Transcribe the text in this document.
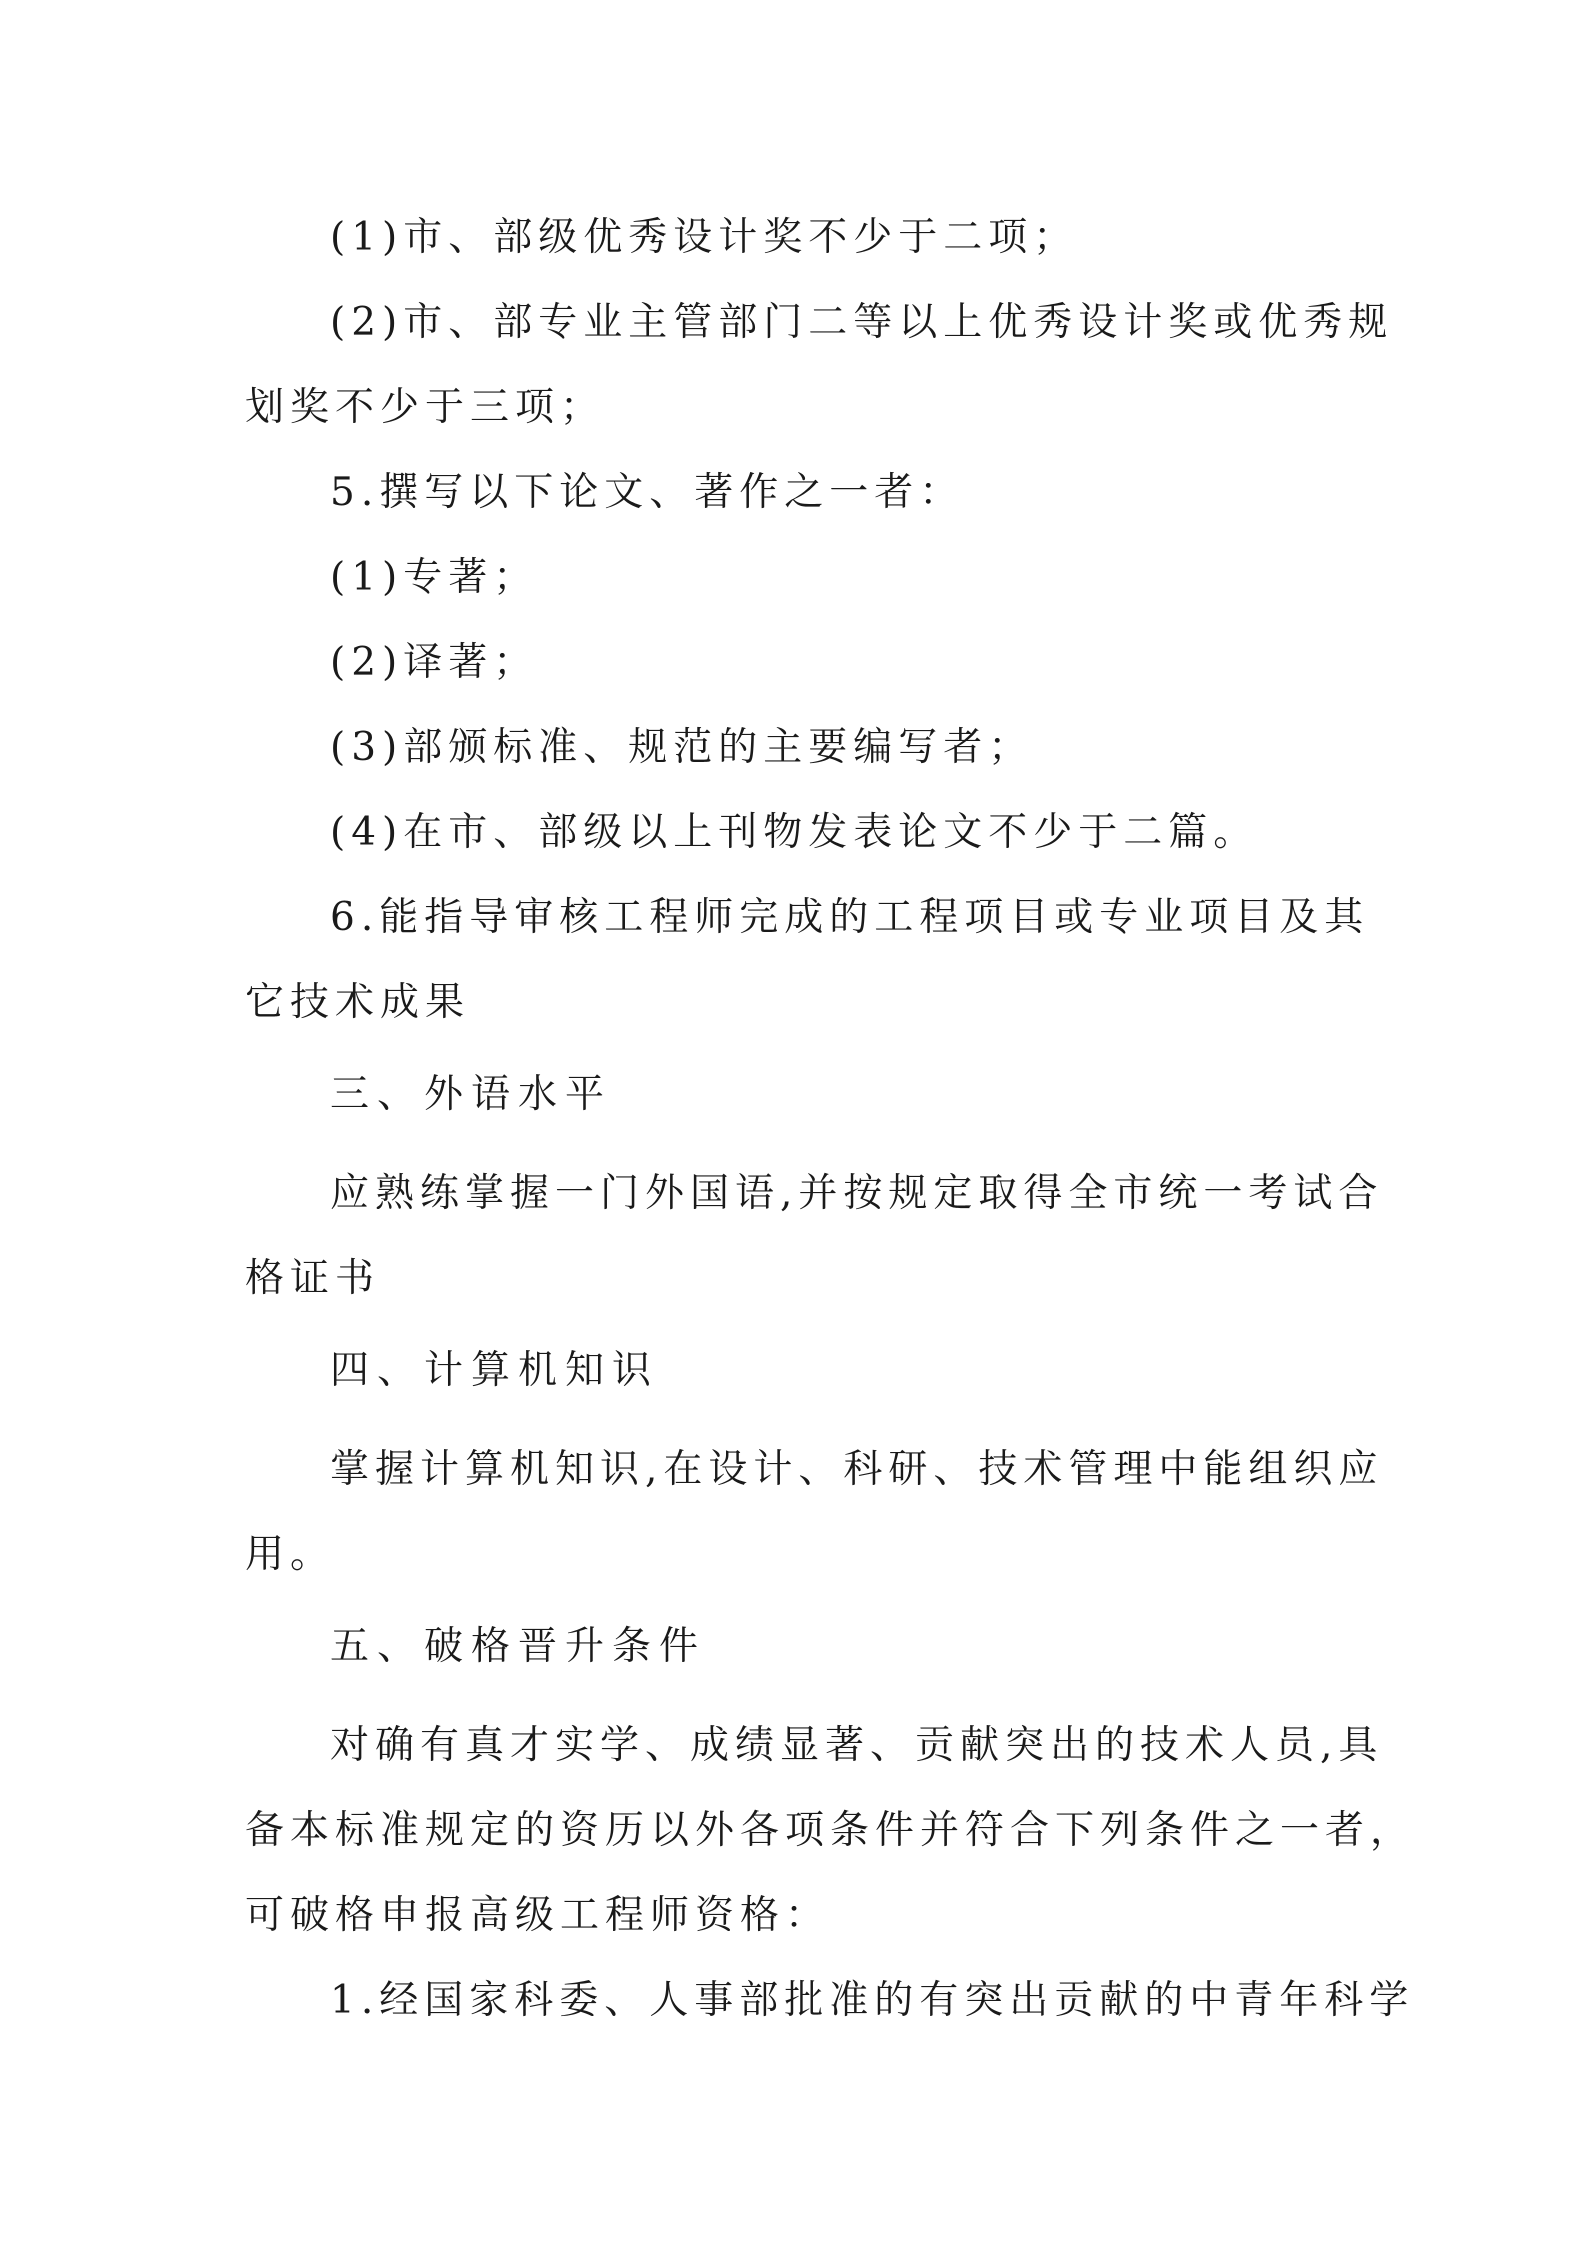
(1)市、部级优秀设计奖不少于二项；
(2)市、部专业主管部门二等以上优秀设计奖或优秀规
划奖不少于三项；
5.撰写以下论文、著作之一者：
(1)专著；
(2)译著；
(3)部颁标准、规范的主要编写者；
(4)在市、部级以上刊物发表论文不少于二篇。
6.能指导审核工程师完成的工程项目或专业项目及其
它技术成果
三、外语水平
应熟练掌握一门外国语,并按规定取得全市统一考试合
格证书
四、计算机知识
掌握计算机知识,在设计、科研、技术管理中能组织应
用。
五、破格晋升条件
对确有真才实学、成绩显著、贡献突出的技术人员,具
备本标准规定的资历以外各项条件并符合下列条件之一者，
可破格申报高级工程师资格：
1.经国家科委、人事部批准的有突出贡献的中青年科学
